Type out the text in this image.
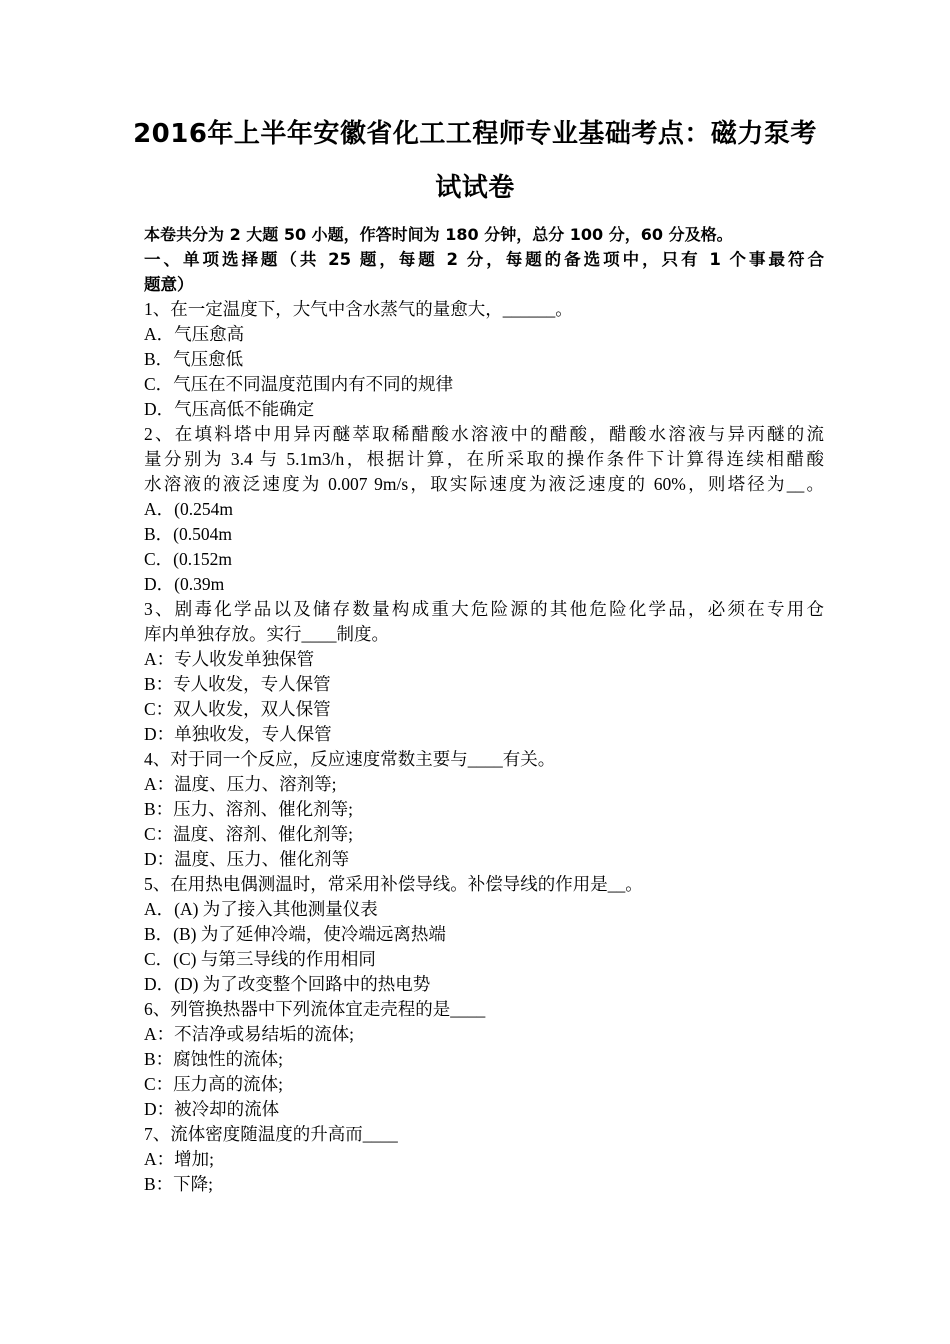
2016年上半年安徽省化工工程师专业基础考点：磁力泵考
试试卷
本卷共分为 2 大题 50 小题，作答时间为 180 分钟，总分 100 分，60 分及格。
一、单项选择题（共 25 题，每题 2 分，每题的备选项中，只有 1 个事最符合
题意）
1、在一定温度下，大气中含水蒸气的量愈大，______。
A．气压愈高
B．气压愈低
C．气压在不同温度范围内有不同的规律
D．气压高低不能确定
2、在填料塔中用异丙醚萃取稀醋酸水溶液中的醋酸，醋酸水溶液与异丙醚的流
量分别为 3.4 与 5.1m3/h，根据计算，在所采取的操作条件下计算得连续相醋酸
水溶液的液泛速度为 0.007 9m/s，取实际速度为液泛速度的 60%，则塔径为__。
A．(0.254m
B．(0.504m
C．(0.152m
D．(0.39m
3、剧毒化学品以及储存数量构成重大危险源的其他危险化学品，必须在专用仓
库内单独存放。实行____制度。
A：专人收发单独保管
B：专人收发，专人保管
C：双人收发，双人保管
D：单独收发，专人保管
4、对于同一个反应，反应速度常数主要与____有关。
A：温度、压力、溶剂等;
B：压力、溶剂、催化剂等;
C：温度、溶剂、催化剂等;
D：温度、压力、催化剂等
5、在用热电偶测温时，常采用补偿导线。补偿导线的作用是__。
A．(A) 为了接入其他测量仪表
B．(B) 为了延伸冷端，使冷端远离热端
C．(C) 与第三导线的作用相同
D．(D) 为了改变整个回路中的热电势
6、列管换热器中下列流体宜走壳程的是____
A：不洁净或易结垢的流体;
B：腐蚀性的流体;
C：压力高的流体;
D：被冷却的流体
7、流体密度随温度的升高而____
A：增加;
B：下降;
